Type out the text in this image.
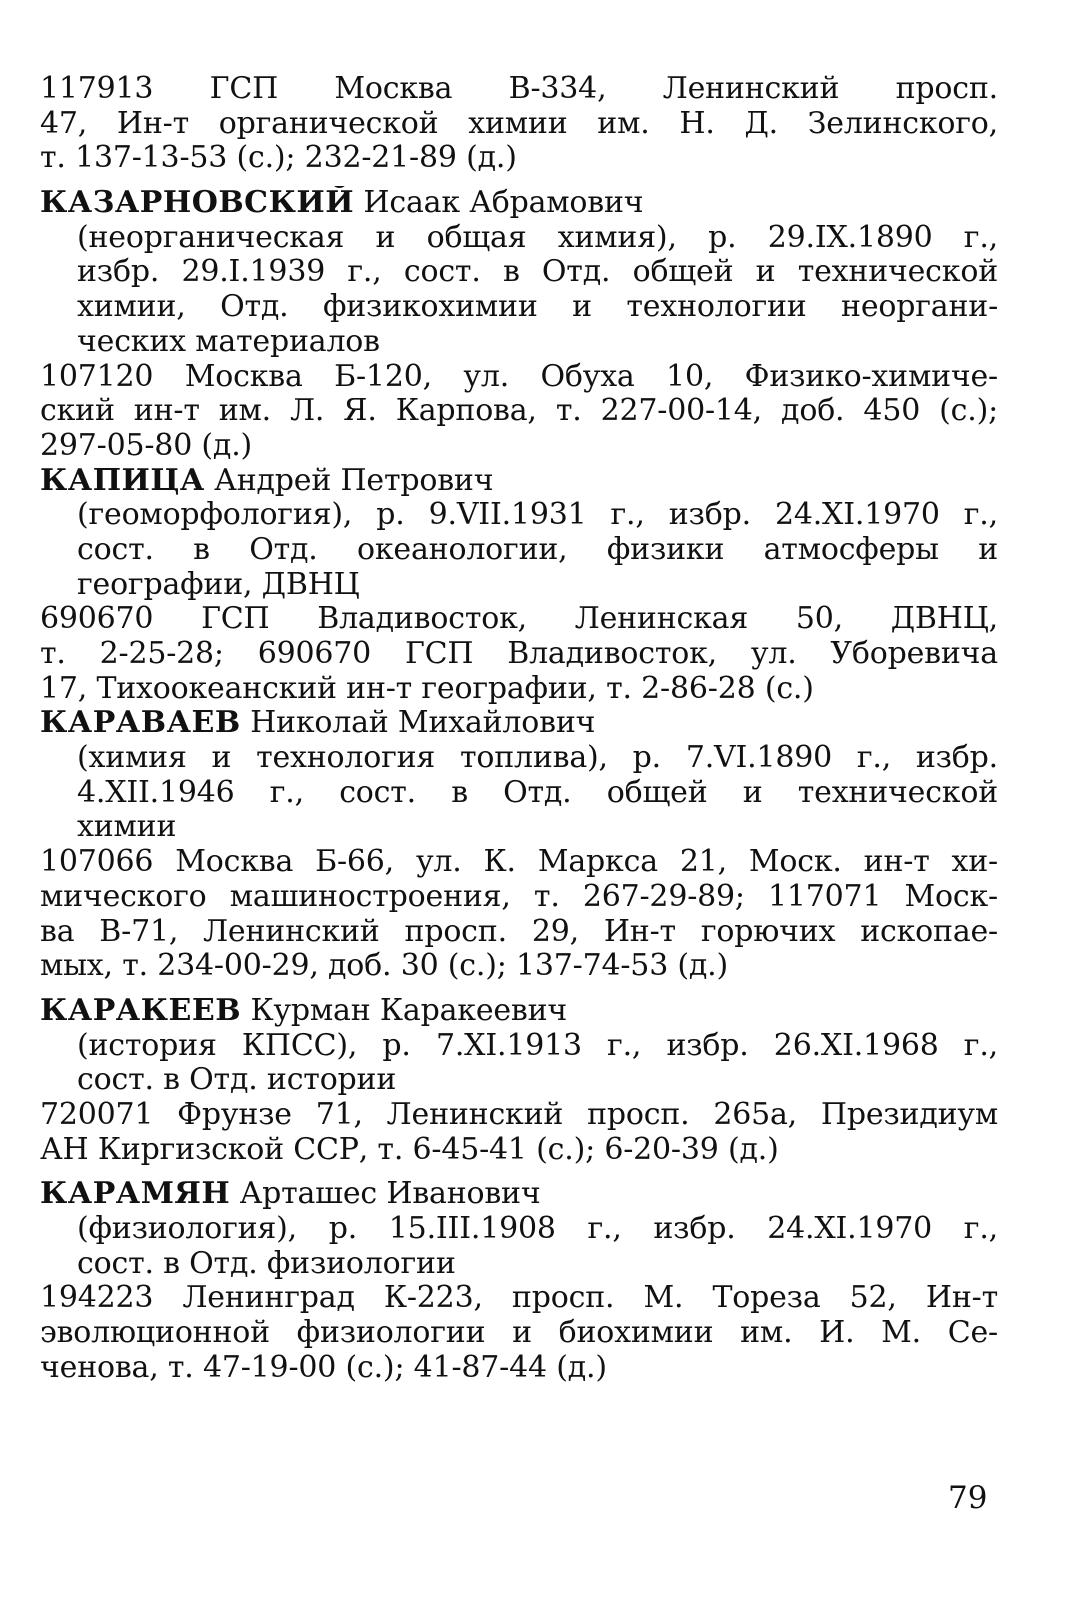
117913 ГСП Москва В-334, Ленинский просп.
47, Ин-т органической химии им. Н. Д. Зелинского,
т. 137-13-53 (с.); 232-21-89 (д.)
КАЗАРНОВСКИЙ Исаак Абрамович
(неорганическая и общая химия), р. 29.IX.1890 г.,
избр. 29.I.1939 г., сост. в Отд. общей и технической
химии, Отд. физикохимии и технологии неоргани-
ческих материалов
107120 Москва Б-120, ул. Обуха 10, Физико-химиче-
ский ин-т им. Л. Я. Карпова, т. 227-00-14, доб. 450 (с.);
297-05-80 (д.)
КАПИЦА Андрей Петрович
(геоморфология), р. 9.VII.1931 г., избр. 24.XI.1970 г.,
сост. в Отд. океанологии, физики атмосферы и
географии, ДВНЦ
690670 ГСП Владивосток, Ленинская 50, ДВНЦ,
т. 2-25-28; 690670 ГСП Владивосток, ул. Уборевича
17, Тихоокеанский ин-т географии, т. 2-86-28 (с.)
КАРАВАЕВ Николай Михайлович
(химия и технология топлива), р. 7.VI.1890 г., избр.
4.XII.1946 г., сост. в Отд. общей и технической
химии
107066 Москва Б-66, ул. К. Маркса 21, Моск. ин-т хи-
мического машиностроения, т. 267-29-89; 117071 Моск-
ва В-71, Ленинский просп. 29, Ин-т горючих ископае-
мых, т. 234-00-29, доб. 30 (с.); 137-74-53 (д.)
КАРАКЕЕВ Курман Каракеевич
(история КПСС), р. 7.XI.1913 г., избр. 26.XI.1968 г.,
сост. в Отд. истории
720071 Фрунзе 71, Ленинский просп. 265а, Президиум
АН Киргизской ССР, т. 6-45-41 (с.); 6-20-39 (д.)
КАРАМЯН Арташес Иванович
(физиология), р. 15.III.1908 г., избр. 24.XI.1970 г.,
сост. в Отд. физиологии
194223 Ленинград К-223, просп. М. Тореза 52, Ин-т
эволюционной физиологии и биохимии им. И. М. Се-
ченова, т. 47-19-00 (с.); 41-87-44 (д.)
79
